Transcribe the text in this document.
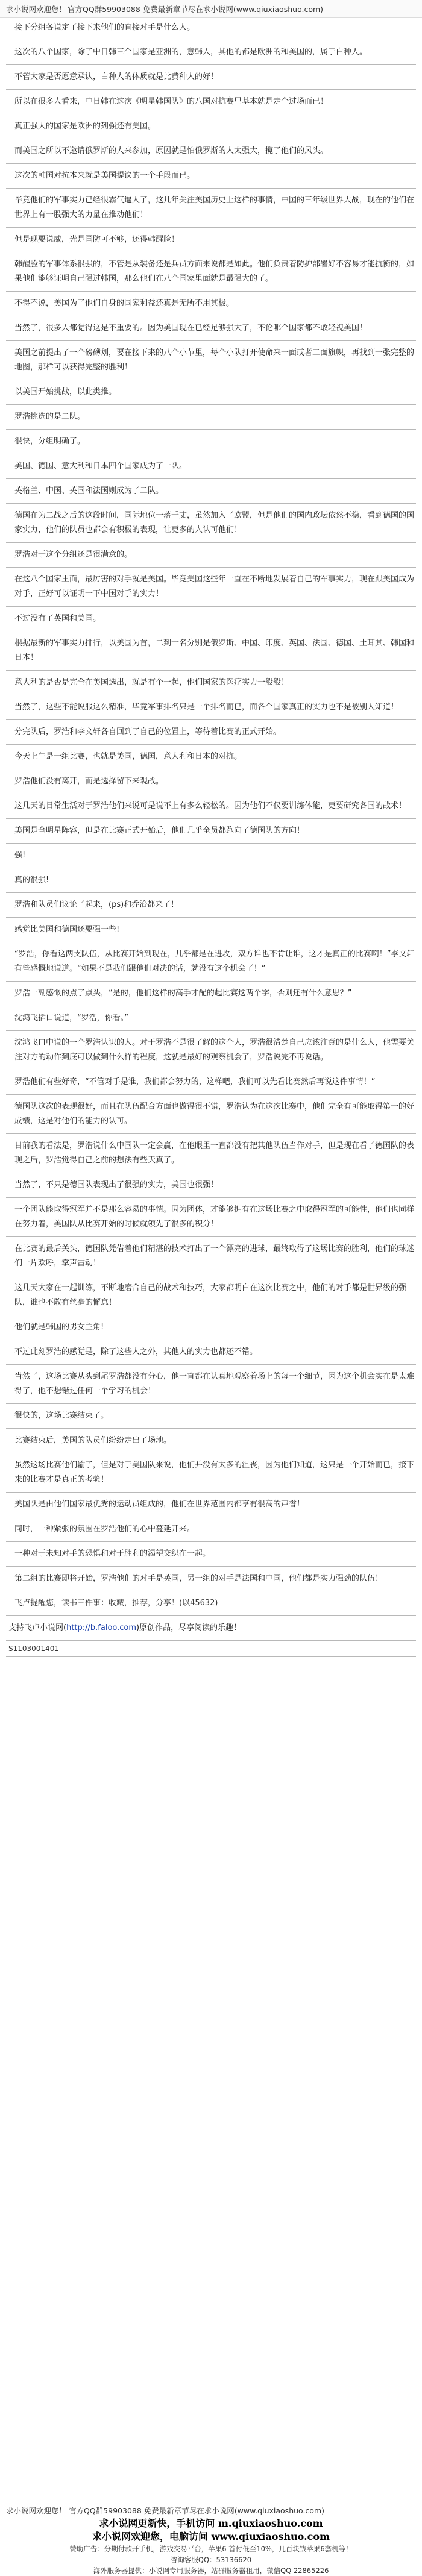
求小说网欢迎您！ 官方QQ群59903088 免费最新章节尽在求小说网(www.qiuxiaoshuo.com)

接下分组各说定了接下来他们的直接对手是什么人。

这次的八个国家，除了中日韩三个国家是亚洲的，意韩人，其他的都是欧洲的和美国的，属于白种人。

不管大家是否愿意承认，白种人的体质就是比黄种人的好！

所以在很多人看来，中日韩在这次《明星韩国队》的八国对抗赛里基本就是走个过场而已！

真正强大的国家是欧洲的列强还有美国。

而美国之所以不邀请俄罗斯的人来参加，原因就是怕俄罗斯的人太强大，揽了他们的风头。

这次的韩国对抗本来就是美国提议的一个手段而已。

毕竟他们的军事实力已经很霸气逼人了，这几年关注美国历史上这样的事情，中国的三年级世界大战，现在的他们在世界上有一股强大的力量在推动他们！

但是现要说威，光是国防可不够，还得韩醒脸！

韩醒脸的军事体系很强的，不管是从装备还是兵员方面来说都是如此。他们负责着防护部署好不容易才能抗衡的，如果他们能够证明自己强过韩国，那么他们在八个国家里面就是最强大的了。

不得不说，美国为了他们自身的国家利益还真是无所不用其极。

当然了，很多人都觉得这是不重要的。因为美国现在已经足够强大了，不论哪个国家都不敢轻视美国！

美国之前提出了一个磅礴划，要在接下来的八个小节里，每个小队打开使命来一面或者二面旗帜，再找到一张完整的地图，那样可以获得完整的胜利！

以美国开始挑战，以此类推。

罗浩挑选的是二队。

很快，分组明确了。

美国、德国、意大利和日本四个国家成为了一队。

英格兰、中国、英国和法国则成为了二队。

德国在为二战之后的这段时间，国际地位一落千丈，虽然加入了欧盟，但是他们的国内政坛依然不稳，看到德国的国家实力，他们的队员也都会有积极的表现，让更多的人认可他们！

罗浩对于这个分组还是很满意的。

在这八个国家里面，最厉害的对手就是美国。毕竟美国这些年一直在不断地发展着自己的军事实力，现在跟美国成为对手，正好可以证明一下中国对手的实力！

不过没有了英国和美国。

根据最新的军事实力排行，以美国为首，二到十名分别是俄罗斯、中国、印度、英国、法国、德国、土耳其、韩国和日本！

意大利的是否是完全在美国选出，就是有个一起，他们国家的医疗实力一般般！

当然了，这些不能说服这么精准，毕竟军事排名只是一个排名而已，而各个国家真正的实力也不是被别人知道！

分完队后，罗浩和李文轩各自回到了自己的位置上，等待着比赛的正式开始。

今天上午是一组比赛，也就是美国，德国，意大利和日本的对抗。

罗浩他们没有离开，而是选择留下来观战。

这几天的日常生活对于罗浩他们来说可是说不上有多么轻松的。因为他们不仅要训练体能，更要研究各国的战术！

美国是全明星阵容，但是在比赛正式开始后，他们几乎全员都跑向了德国队的方向！

强!

真的很强!

罗浩和队员们议论了起来，(ps)和乔治都来了！

感觉比美国和德国还要强一些!

“罗浩，你看这两支队伍，从比赛开始到现在，几乎都是在进攻，双方谁也不肯让谁，这才是真正的比赛啊！”李文轩有些感慨地说道。“如果不是我们跟他们对决的话，就没有这个机会了！”

罗浩一副感慨的点了点头，“是的，他们这样的高手才配的起比赛这两个字，否则还有什么意思？”

沈鸿飞插口说道，“罗浩，你看。”

沈鸿飞口中说的一个罗浩认识的人。对于罗浩不是很了解的这个人，罗浩很清楚自己应该注意的是什么人，他需要关注对方的动作到底可以做到什么样的程度，这就是最好的观察机会了，罗浩说完不再说话。

罗浩他们有些好奇，“不管对手是谁，我们都会努力的，这样吧，我们可以先看比赛然后再说这件事情！”

德国队这次的表现很好，而且在队伍配合方面也做得很不错，罗浩认为在这次比赛中，他们完全有可能取得第一的好成绩，这是对他们的能力的认可。

目前我的看法是，罗浩说什么中国队一定会赢，在他眼里一直都没有把其他队伍当作对手，但是现在看了德国队的表现之后，罗浩觉得自己之前的想法有些天真了。

当然了，不只是德国队表现出了很强的实力，美国也很强！

一个团队能取得冠军并不是那么容易的事情。因为团体，才能够拥有在这场比赛之中取得冠军的可能性，他们也同样在努力着，美国队从比赛开始的时候就领先了很多的积分！

在比赛的最后关头，德国队凭借着他们精湛的技术打出了一个漂亮的进球，最终取得了这场比赛的胜利，他们的球迷们一片欢呼，掌声雷动！

这几天大家在一起训练，不断地磨合自己的战术和技巧，大家都明白在这次比赛之中，他们的对手都是世界级的强队，谁也不敢有丝毫的懈怠！

他们就是韩国的男女主角!

不过此刻罗浩的感觉是，除了这些人之外，其他人的实力也都还不错。

当然了，这场比赛从头到尾罗浩都没有分心，他一直都在认真地观察着场上的每一个细节，因为这个机会实在是太难得了，他不想错过任何一个学习的机会！

很快的，这场比赛结束了。

比赛结束后，美国的队员们纷纷走出了场地。

虽然这场比赛他们输了，但是对于美国队来说，他们并没有太多的沮丧，因为他们知道，这只是一个开始而已，接下来的比赛才是真正的考验！

美国队是由他们国家最优秀的运动员组成的，他们在世界范围内都享有很高的声誉！

同时，一种紧张的氛围在罗浩他们的心中蔓延开来。

一种对于未知对手的恐惧和对于胜利的渴望交织在一起。

第二组的比赛即将开始，罗浩他们的对手是英国，另一组的对手是法国和中国，他们都是实力强劲的队伍！

飞卢提醒您，读书三件事：收藏，推荐，分享！(以45632)

支持飞卢小说网(http://b.faloo.com)原创作品，尽享阅读的乐趣！
S1103001401
求小说网欢迎您！ 官方QQ群59903088 免费最新章节尽在求小说网(www.qiuxiaoshuo.com)
求小说网更新快，手机访问 m.qiuxiaoshuo.com
求小说网欢迎您，电脑访问 www.qiuxiaoshuo.com
赞助广告：分期付款开手机，游戏交易平台，苹果6 首付低至10%，几百块钱苹果6套机等！
咨询客服QQ：53136620
海外服务器提供：小说网专用服务器，站群服务器租用，微信QQ 22865226
